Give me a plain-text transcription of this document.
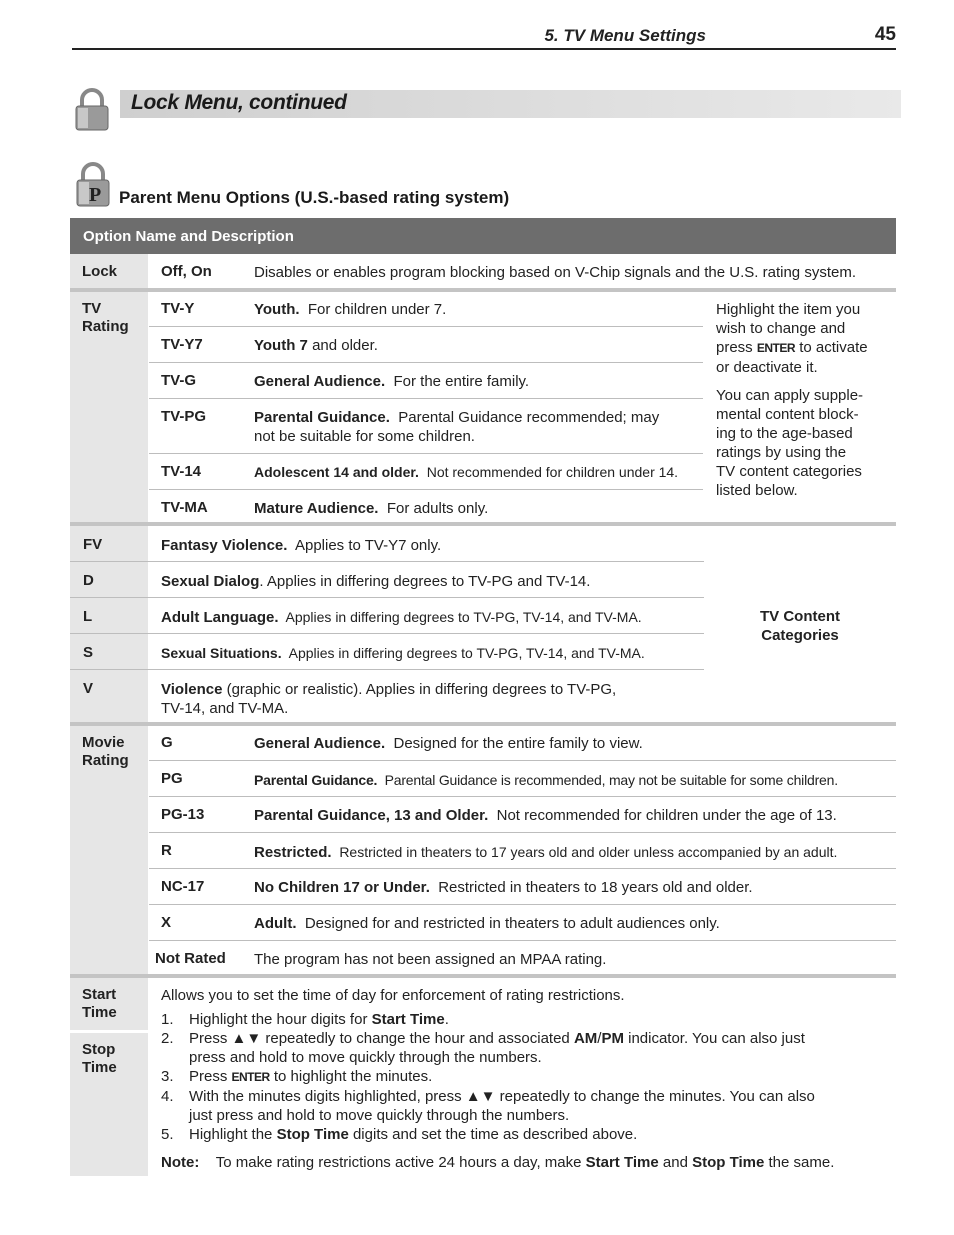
5. TV Menu Settings	45
Lock Menu, continued
P Parent Menu Options (U.S.-based rating system)
Option Name and Description
Lock	Off, On	Disables or enables program blocking based on V-Chip signals and the U.S. rating system.
TV
Rating
TV-Y	Youth. For children under 7.
TV-Y7	Youth 7 and older.
TV-G	General Audience. For the entire family.
TV-PG	Parental Guidance. Parental Guidance recommended; may
not be suitable for some children.
TV-14	Adolescent 14 and older. Not recommended for children under 14.
TV-MA	Mature Audience. For adults only.
Highlight the item you
wish to change and
press ENTER to activate
or deactivate it.
You can apply supple-
mental content block-
ing to the age-based
ratings by using the
TV content categories
listed below.
FV	Fantasy Violence. Applies to TV-Y7 only.
D	Sexual Dialog. Applies in differing degrees to TV-PG and TV-14.
L	Adult Language. Applies in differing degrees to TV-PG, TV-14, and TV-MA.
S	Sexual Situations. Applies in differing degrees to TV-PG, TV-14, and TV-MA.
V	Violence (graphic or realistic). Applies in differing degrees to TV-PG,
TV-14, and TV-MA.
TV Content
Categories
Movie
Rating
G	General Audience. Designed for the entire family to view.
PG	Parental Guidance. Parental Guidance is recommended, may not be suitable for some children.
PG-13	Parental Guidance, 13 and Older. Not recommended for children under the age of 13.
R	Restricted. Restricted in theaters to 17 years old and older unless accompanied by an adult.
NC-17	No Children 17 or Under. Restricted in theaters to 18 years old and older.
X	Adult. Designed for and restricted in theaters to adult audiences only.
Not Rated The program has not been assigned an MPAA rating.
Start
Time
Stop
Time
Allows you to set the time of day for enforcement of rating restrictions.
1. Highlight the hour digits for Start Time.
2. Press ▲▼ repeatedly to change the hour and associated AM/PM indicator. You can also just
press and hold to move quickly through the numbers.
3. Press ENTER to highlight the minutes.
4. With the minutes digits highlighted, press ▲▼ repeatedly to change the minutes. You can also
just press and hold to move quickly through the numbers.
5. Highlight the Stop Time digits and set the time as described above.
Note: To make rating restrictions active 24 hours a day, make Start Time and Stop Time the same.
